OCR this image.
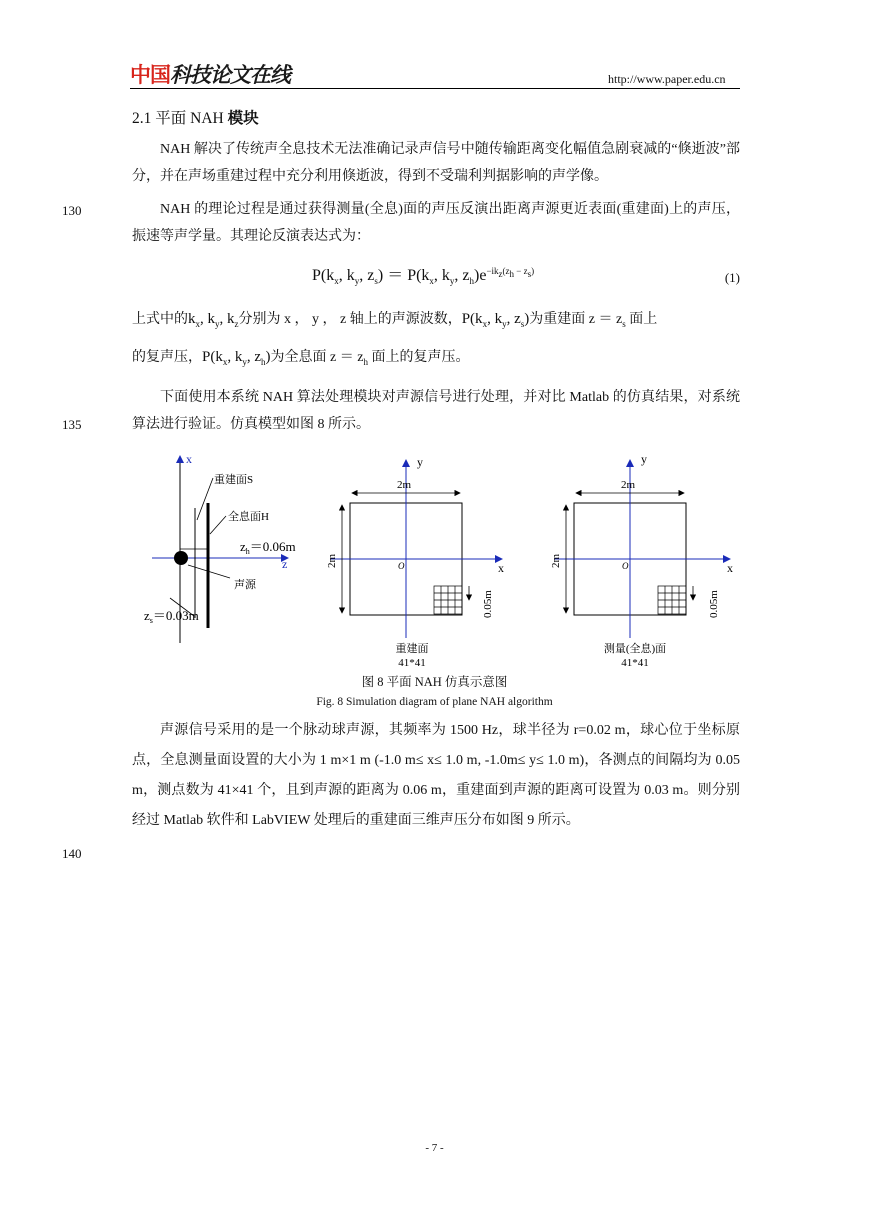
中国科技论文在线	http://www.paper.edu.cn
2.1 平面 NAH 模块
NAH 解决了传统声全息技术无法准确记录声信号中随传输距离变化幅值急剧衰减的“倏逝波”部分，并在声场重建过程中充分利用倏逝波，得到不受瑞利判据影响的声学像。
130	NAH 的理论过程是通过获得测量(全息)面的声压反演出距离声源更近表面(重建面)上的声压，振速等声学量。其理论反演表达式为：
$P(k_x$, $k_y$, $z_s) = P(k_x$, $k_y$, $z_h)e^{-ik_z(z_h - z_s)}$	(1)
上式中的$k_x$, $k_y$, $k_z$分别为 x ， y ， z 轴上的声源波数，$P(k_x$, $k_y$, $z_s$)为重建面 $z = z_s$ 面上
的复声压，$P(k_x$, $k_y$, $z_h$)为全息面 $z = z_h$ 面上的复声压。
135
下面使用本系统 NAH 算法处理模块对声源信号进行处理，并对比 Matlab 的仿真结果，对系统算法进行验证。仿真模型如图 8 所示。
x
z
重建面S
全息面H
$z_h=0.06m$
声源
$z_s=0.03m$
y
x
O
2m
2m
0.05m
重建面
41*41
y
x
O
2m
2m
0.05m
测量(全息)面
41*41
图 8 平面 NAH 仿真示意图
Fig. 8 Simulation diagram of plane NAH algorithm
140
声源信号采用的是一个脉动球声源，其频率为 1500 Hz，球半径为 r=0.02 m，球心位于坐标原点，全息测量面设置的大小为 1 m×1 m (-1.0 m≤ x≤ 1.0 m, -1.0m≤ y≤ 1.0 m)，各测点的间隔均为 0.05 m，测点数为 41×41 个，且到声源的距离为 0.06 m，重建面到声源的距离可设置为 0.03 m。则分别经过 Matlab 软件和 LabVIEW 处理后的重建面三维声压分布如图 9 所示。
- 7 -
